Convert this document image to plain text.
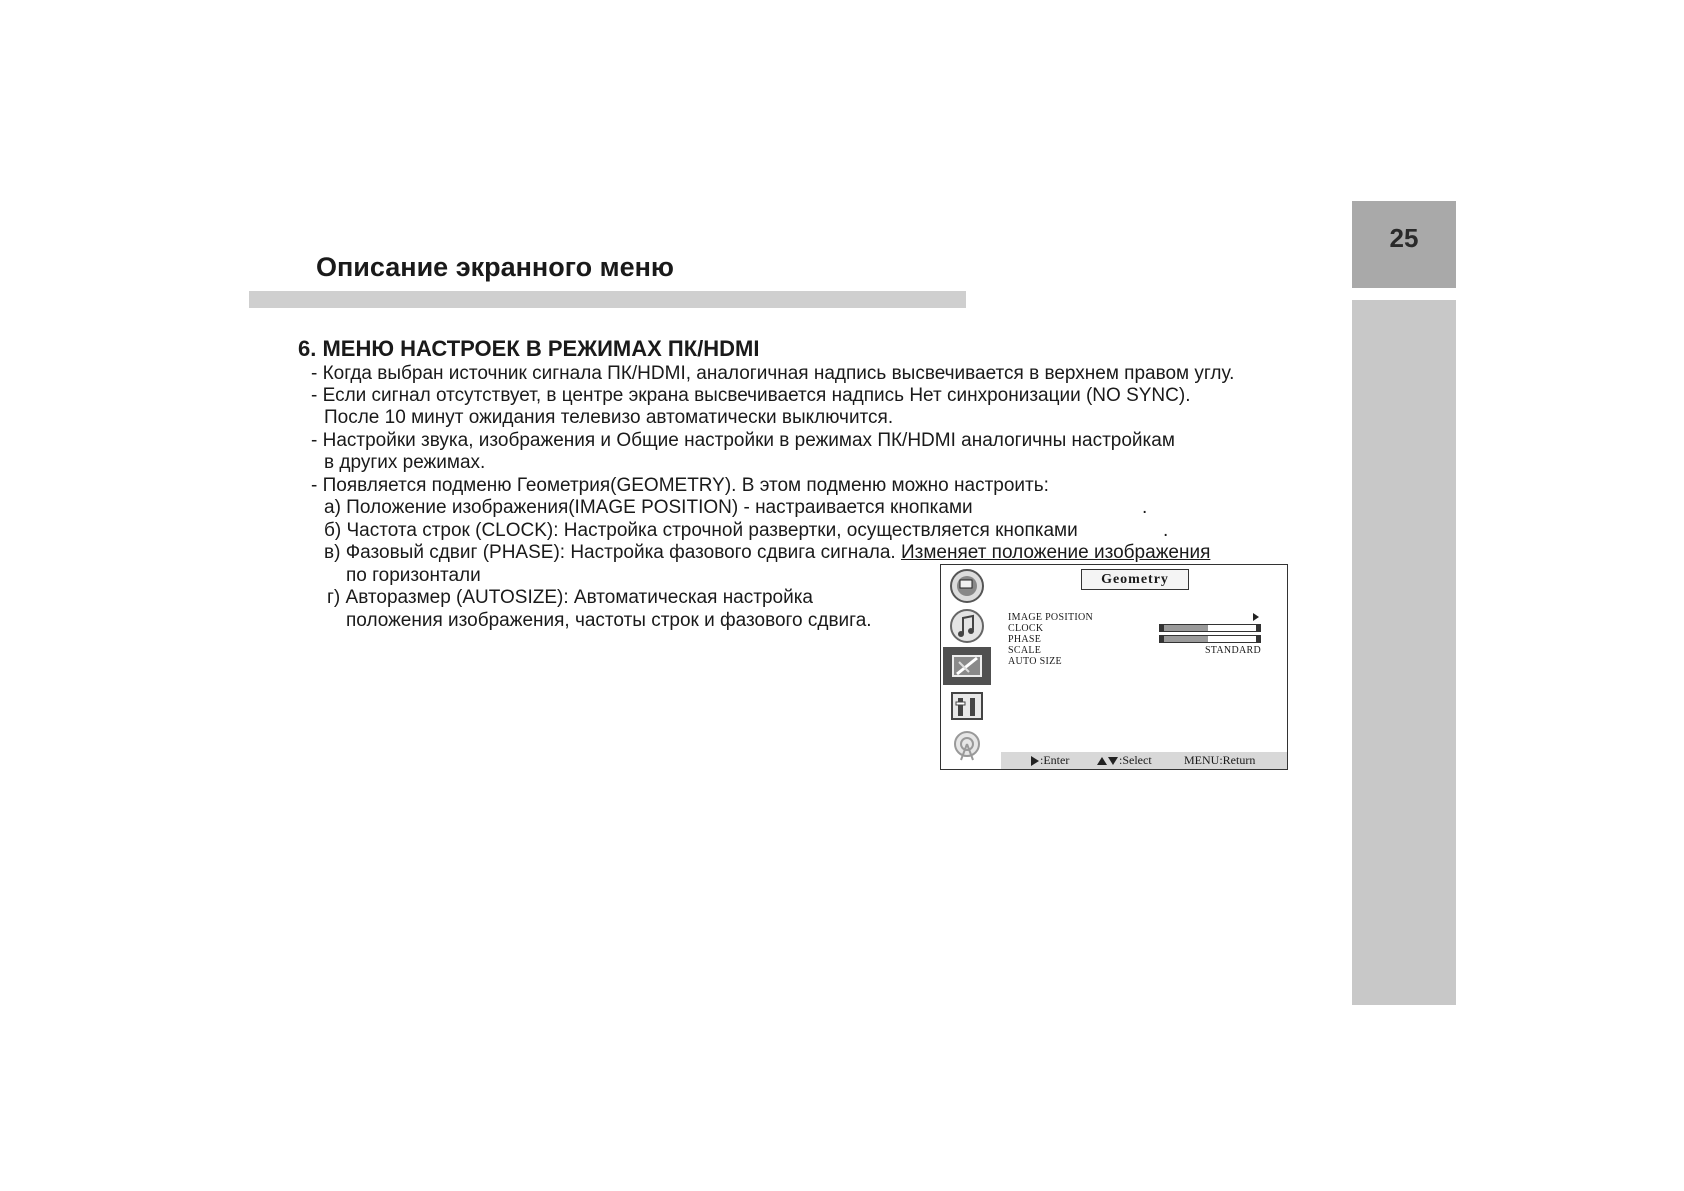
25
Описание экранного меню
6. МЕНЮ НАСТРОЕК В РЕЖИМАХ ПК/HDMI
- Когда выбран источник сигнала ПК/HDMI, аналогичная надпись высвечивается в верхнем правом углу.
- Если сигнал отсутствует, в центре экрана высвечивается надпись Нет синхронизации (NO SYNC).
После 10 минут ожидания телевизо автоматически выключится.
- Настройки звука, изображения и Общие настройки в режимах ПК/HDMI аналогичны настройкам
в других режимах.
- Появляется подменю Геометрия(GEOMETRY). В этом подменю можно настроить:
а) Положение изображения(IMAGE POSITION) - настраивается кнопками	.
б) Частота строк (CLOCK): Настройка строчной развертки, осуществляется кнопками	.
в) Фазовый сдвиг (PHASE): Настройка фазового сдвига сигнала. Изменяет положение изображения
по горизонтали
г) Авторазмер (AUTOSIZE): Автоматическая настройка
положения изображения, частоты строк и фазового сдвига.
Geometry
IMAGE POSITION
CLOCK
PHASE
SCALE	STANDARD
AUTO SIZE
:Enter	:Select	MENU:Return
